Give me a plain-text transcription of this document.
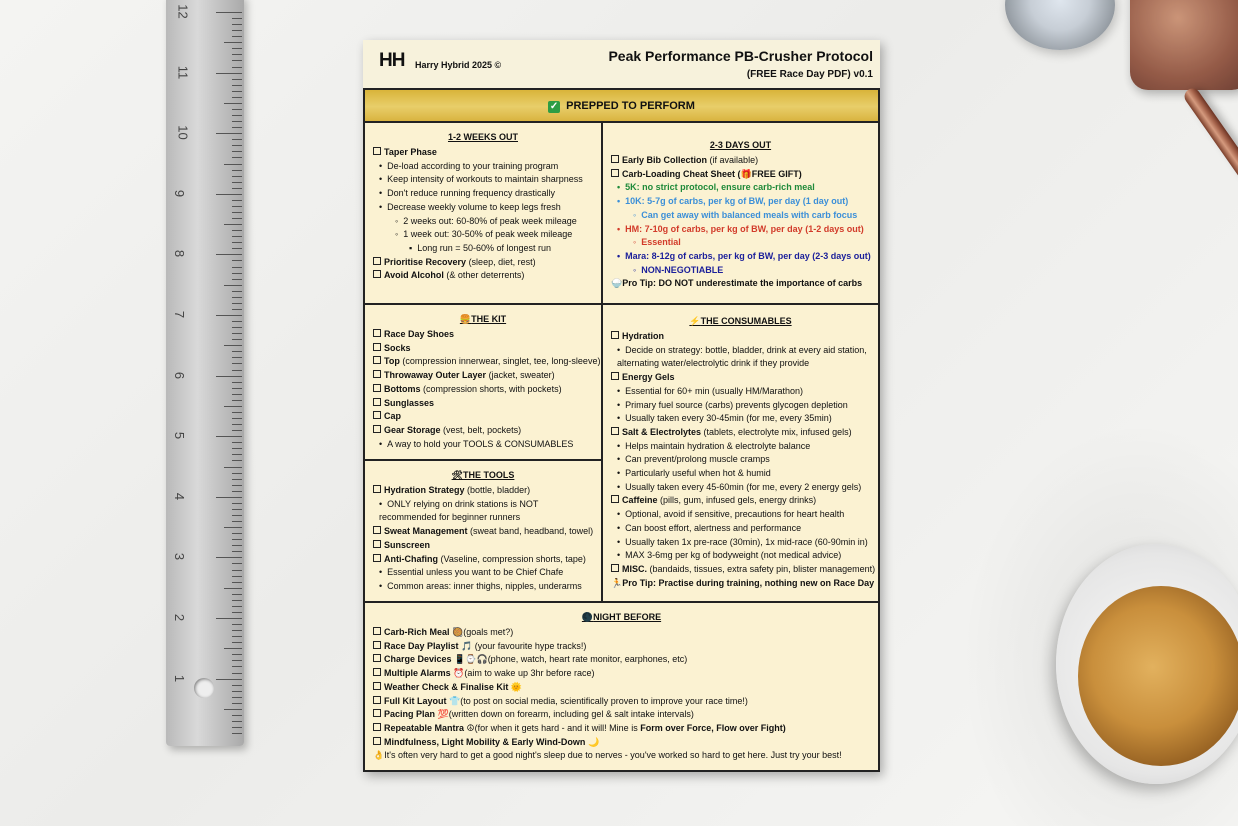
12
11
10
9
8
7
6
5
4
3
2
1
HH Harry Hybrid 2025 ©
Peak Performance PB-Crusher Protocol
(FREE Race Day PDF) v0.1
✓ PREPPED TO PERFORM
1-2 WEEKS OUT
Taper Phase
• De-load according to your training program
• Keep intensity of workouts to maintain sharpness
• Don't reduce running frequency drastically
• Decrease weekly volume to keep legs fresh
◦ 2 weeks out: 60-80% of peak week mileage
◦ 1 week out: 30-50% of peak week mileage
▪ Long run = 50-60% of longest run
Prioritise Recovery (sleep, diet, rest)
Avoid Alcohol (& other deterrents)
2-3 DAYS OUT
Early Bib Collection (if available)
Carb-Loading Cheat Sheet (🎁FREE GIFT)
• 5K: no strict protocol, ensure carb-rich meal
• 10K: 5-7g of carbs, per kg of BW, per day (1 day out)
◦ Can get away with balanced meals with carb focus
• HM: 7-10g of carbs, per kg of BW, per day (1-2 days out)
◦ Essential
• Mara: 8-12g of carbs, per kg of BW, per day (2-3 days out)
◦ NON-NEGOTIABLE
🍚Pro Tip: DO NOT underestimate the importance of carbs
🍔THE KIT
Race Day Shoes
Socks
Top (compression innerwear, singlet, tee, long-sleeve)
Throwaway Outer Layer (jacket, sweater)
Bottoms (compression shorts, with pockets)
Sunglasses
Cap
Gear Storage (vest, belt, pockets)
• A way to hold your TOOLS & CONSUMABLES
🛠THE TOOLS
Hydration Strategy (bottle, bladder)
• ONLY relying on drink stations is NOT recommended for beginner runners
Sweat Management (sweat band, headband, towel)
Sunscreen
Anti-Chafing (Vaseline, compression shorts, tape)
• Essential unless you want to be Chief Chafe
• Common areas: inner thighs, nipples, underarms
⚡THE CONSUMABLES
Hydration
• Decide on strategy: bottle, bladder, drink at every aid station, alternating water/electrolytic drink if they provide
Energy Gels
• Essential for 60+ min (usually HM/Marathon)
• Primary fuel source (carbs) prevents glycogen depletion
• Usually taken every 30-45min (for me, every 35min)
Salt & Electrolytes (tablets, electrolyte mix, infused gels)
• Helps maintain hydration & electrolyte balance
• Can prevent/prolong muscle cramps
• Particularly useful when hot & humid
• Usually taken every 45-60min (for me, every 2 energy gels)
Caffeine (pills, gum, infused gels, energy drinks)
• Optional, avoid if sensitive, precautions for heart health
• Can boost effort, alertness and performance
• Usually taken 1x pre-race (30min), 1x mid-race (60-90min in)
• MAX 3-6mg per kg of bodyweight (not medical advice)
MISC. (bandaids, tissues, extra safety pin, blister management)
🏃Pro Tip: Practise during training, nothing new on Race Day
🌑NIGHT BEFORE
Carb-Rich Meal 🥘(goals met?)
Race Day Playlist 🎵 (your favourite hype tracks!)
Charge Devices 📱⌚🎧(phone, watch, heart rate monitor, earphones, etc)
Multiple Alarms ⏰(aim to wake up 3hr before race)
Weather Check & Finalise Kit 🌞
Full Kit Layout 👕(to post on social media, scientifically proven to improve your race time!)
Pacing Plan 💯(written down on forearm, including gel & salt intake intervals)
Repeatable Mantra ☮(for when it gets hard - and it will! Mine is Form over Force, Flow over Fight)
Mindfulness, Light Mobility & Early Wind-Down 🌙
👌It's often very hard to get a good night's sleep due to nerves - you've worked so hard to get here. Just try your best!
